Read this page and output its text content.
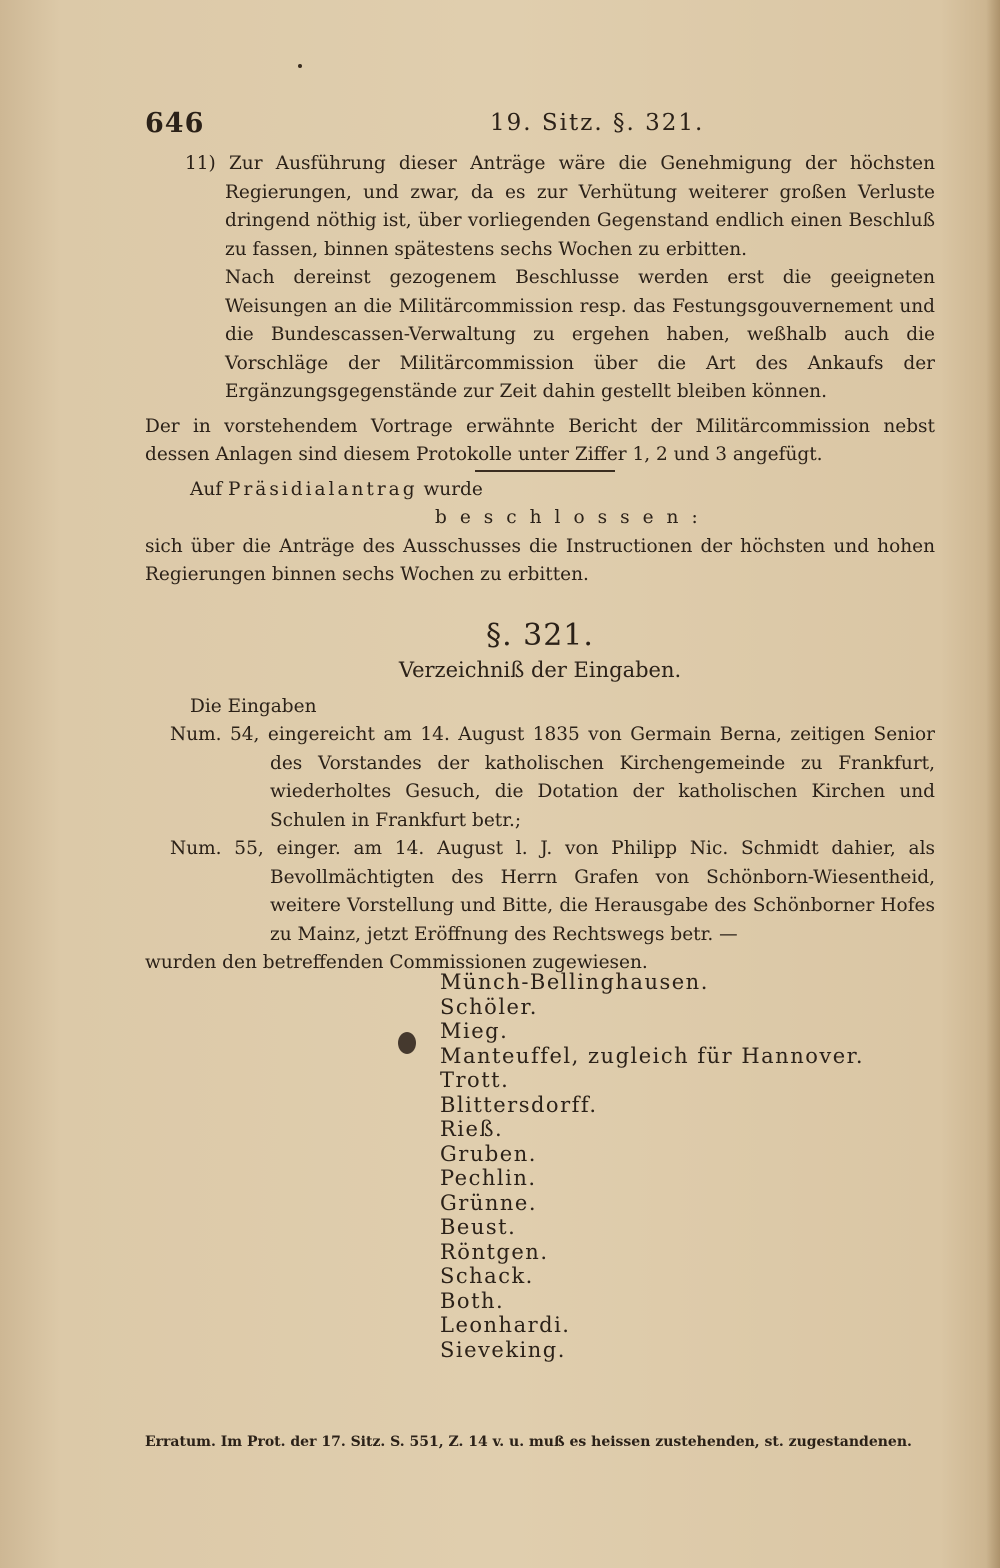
646	19. Sitz. §. 321.

11) Zur Ausführung dieser Anträge wäre die Genehmigung der höchsten Regierungen, und zwar, da es zur Verhütung weiterer großen Verluste dringend nöthig ist, über vorliegenden Gegenstand endlich einen Beschluß zu fassen, binnen spätestens sechs Wochen zu erbitten.

Nach dereinst gezogenem Beschlusse werden erst die geeigneten Weisungen an die Militärcommission resp. das Festungsgouvernement und die Bundescassen-Verwaltung zu ergehen haben, weßhalb auch die Vorschläge der Militärcommission über die Art des Ankaufs der Ergänzungsgegenstände zur Zeit dahin gestellt bleiben können.

Der in vorstehendem Vortrage erwähnte Bericht der Militärcommission nebst dessen Anlagen sind diesem Protokolle unter Ziffer 1, 2 und 3 angefügt.

Auf Präsidialantrag wurde

beschlossen:

sich über die Anträge des Ausschusses die Instructionen der höchsten und hohen Regierungen binnen sechs Wochen zu erbitten.

§. 321.
Verzeichniß der Eingaben.

Die Eingaben

Num. 54, eingereicht am 14. August 1835 von Germain Berna, zeitigen Senior des Vorstandes der katholischen Kirchengemeinde zu Frankfurt, wiederholtes Gesuch, die Dotation der katholischen Kirchen und Schulen in Frankfurt betr.;

Num. 55, einger. am 14. August l. J. von Philipp Nic. Schmidt dahier, als Bevollmächtigten des Herrn Grafen von Schönborn-Wiesentheid, weitere Vorstellung und Bitte, die Herausgabe des Schönborner Hofes zu Mainz, jetzt Eröffnung des Rechtswegs betr. —

wurden den betreffenden Commissionen zugewiesen.

Münch-Bellinghausen.
Schöler.
Mieg.
Manteuffel, zugleich für Hannover.
Trott.
Blittersdorff.
Rieß.
Gruben.
Pechlin.
Grünne.
Beust.
Röntgen.
Schack.
Both.
Leonhardi.
Sieveking.
Erratum. Im Prot. der 17. Sitz. S. 551, Z. 14 v. u. muß es heissen zustehenden, st. zugestandenen.
